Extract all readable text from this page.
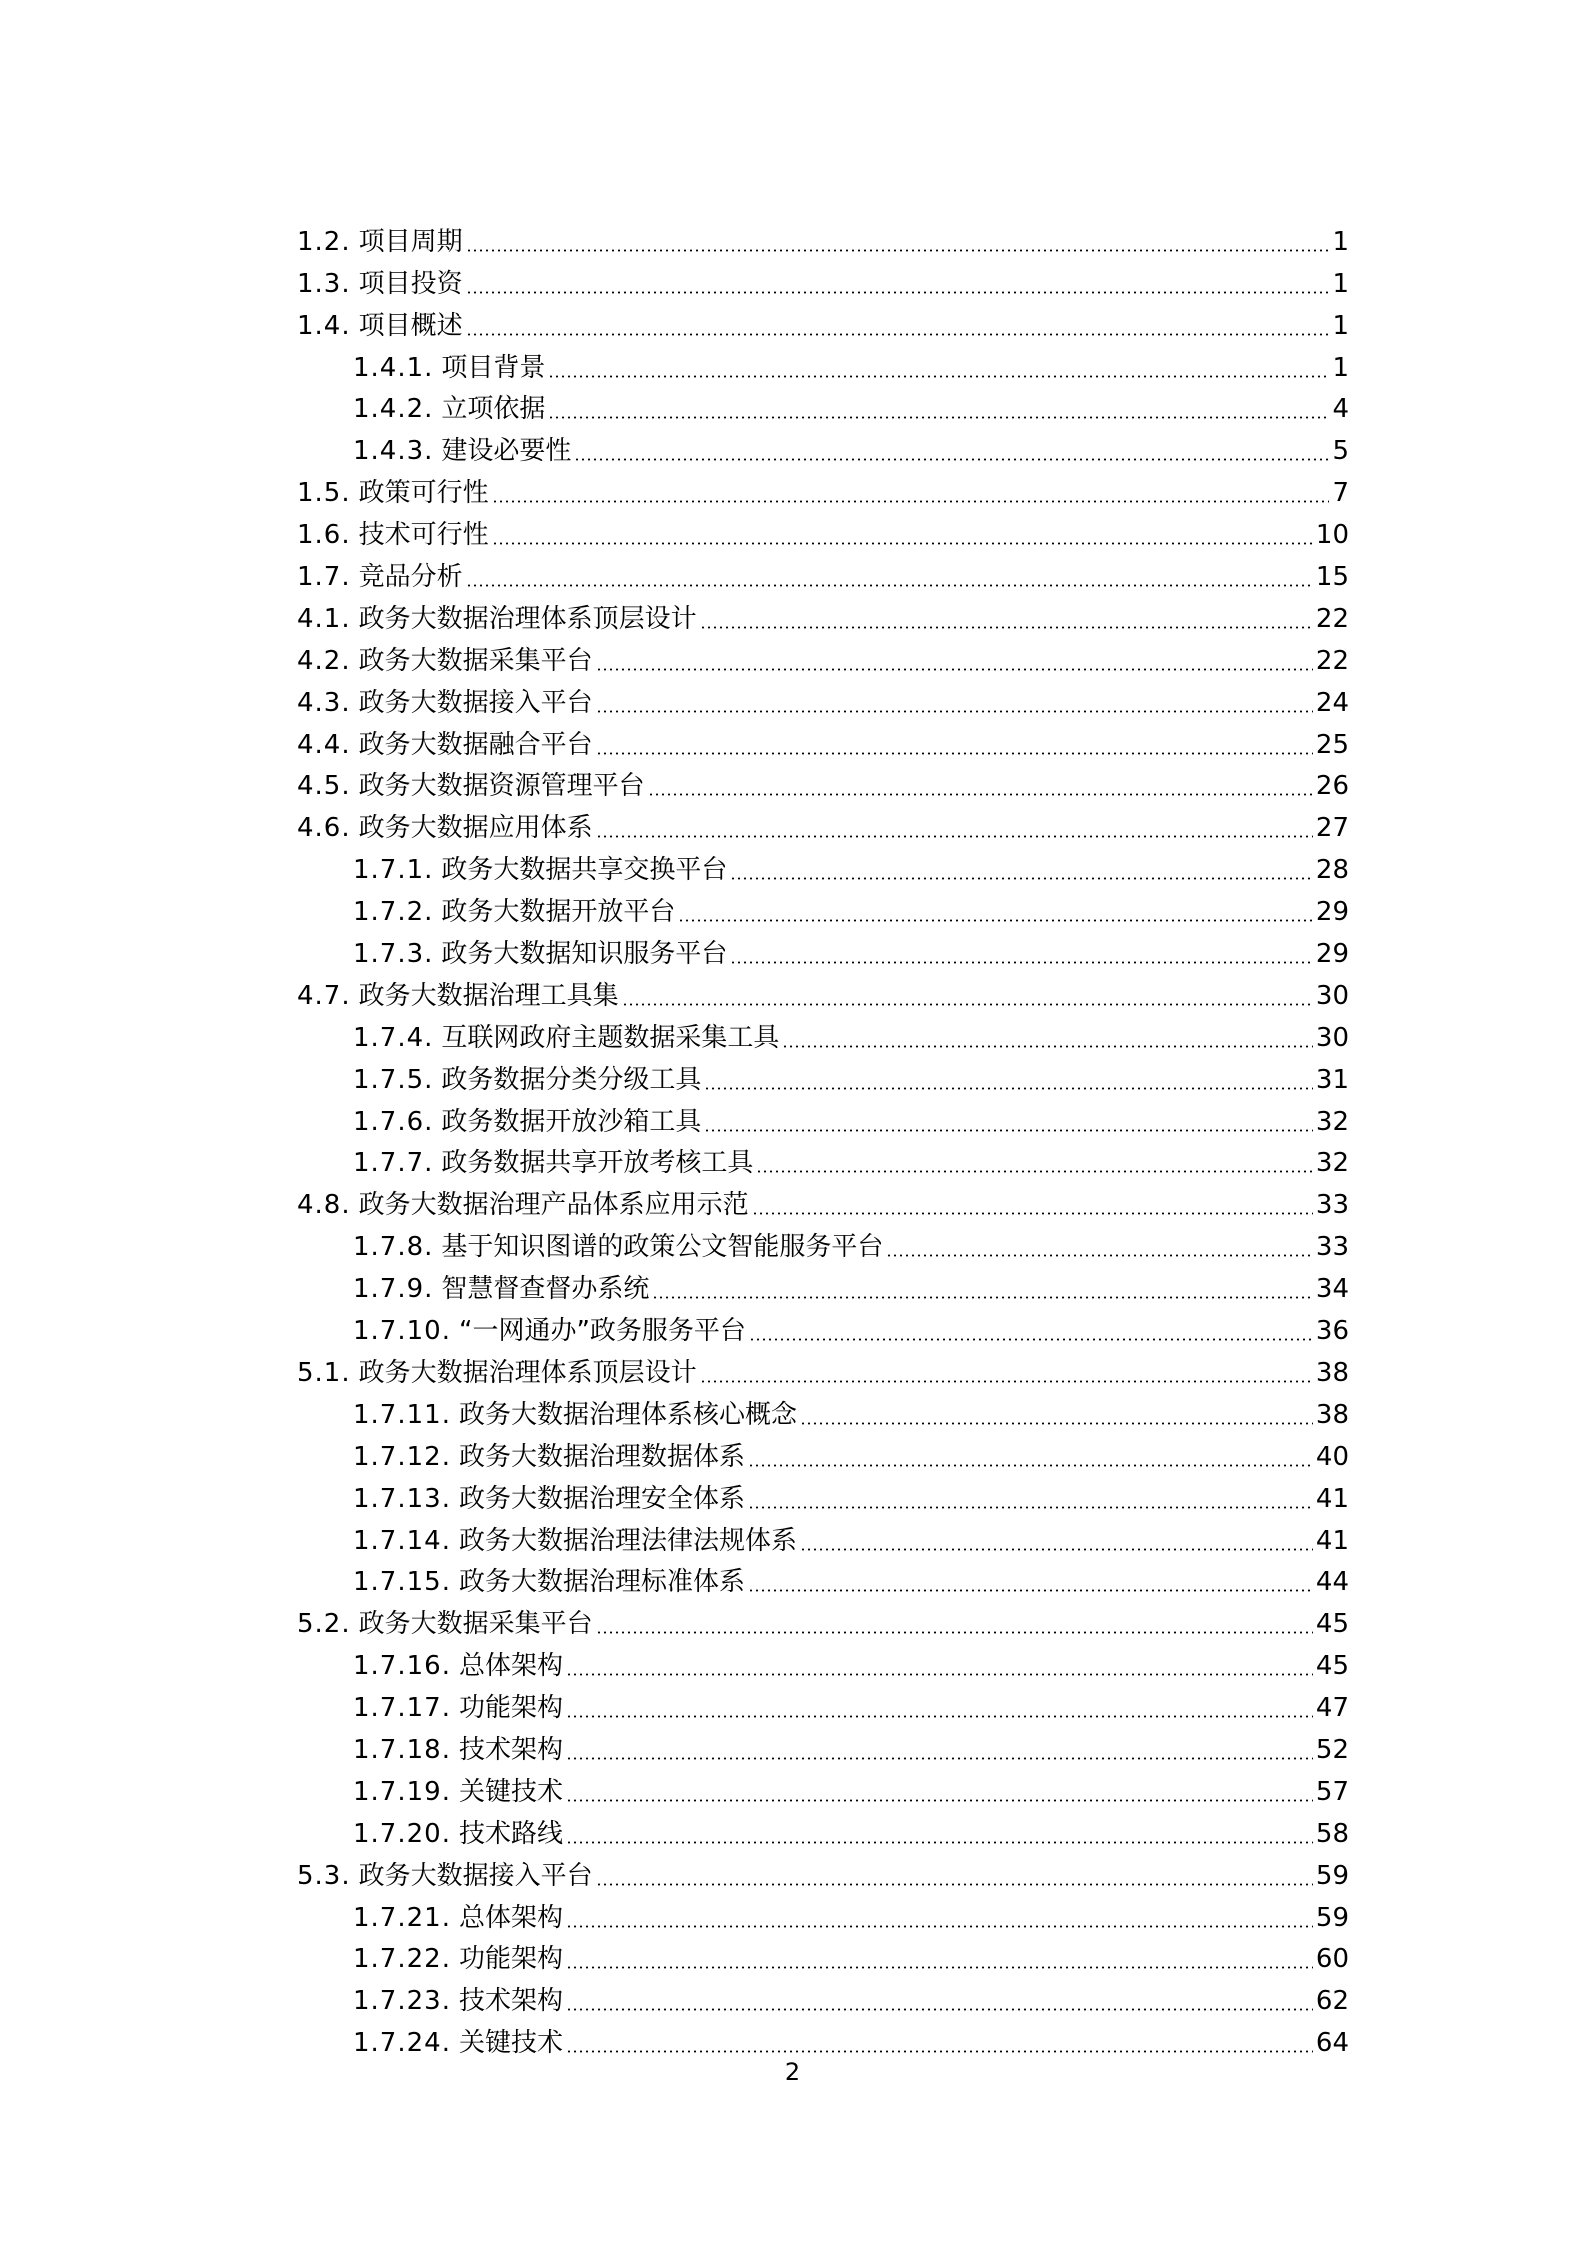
1.2. 项目周期	1
1.3. 项目投资	1
1.4. 项目概述	1
1.4.1. 项目背景	1
1.4.2. 立项依据	4
1.4.3. 建设必要性	5
1.5. 政策可行性	7
1.6. 技术可行性	10
1.7. 竞品分析	15
4.1. 政务大数据治理体系顶层设计	22
4.2. 政务大数据采集平台	22
4.3. 政务大数据接入平台	24
4.4. 政务大数据融合平台	25
4.5. 政务大数据资源管理平台	26
4.6. 政务大数据应用体系	27
1.7.1. 政务大数据共享交换平台	28
1.7.2. 政务大数据开放平台	29
1.7.3. 政务大数据知识服务平台	29
4.7. 政务大数据治理工具集	30
1.7.4. 互联网政府主题数据采集工具	30
1.7.5. 政务数据分类分级工具	31
1.7.6. 政务数据开放沙箱工具	32
1.7.7. 政务数据共享开放考核工具	32
4.8. 政务大数据治理产品体系应用示范	33
1.7.8. 基于知识图谱的政策公文智能服务平台	33
1.7.9. 智慧督查督办系统	34
1.7.10. “一网通办”政务服务平台	36
5.1. 政务大数据治理体系顶层设计	38
1.7.11. 政务大数据治理体系核心概念	38
1.7.12. 政务大数据治理数据体系	40
1.7.13. 政务大数据治理安全体系	41
1.7.14. 政务大数据治理法律法规体系	41
1.7.15. 政务大数据治理标准体系	44
5.2. 政务大数据采集平台	45
1.7.16. 总体架构	45
1.7.17. 功能架构	47
1.7.18. 技术架构	52
1.7.19. 关键技术	57
1.7.20. 技术路线	58
5.3. 政务大数据接入平台	59
1.7.21. 总体架构	59
1.7.22. 功能架构	60
1.7.23. 技术架构	62
1.7.24. 关键技术	64
2
